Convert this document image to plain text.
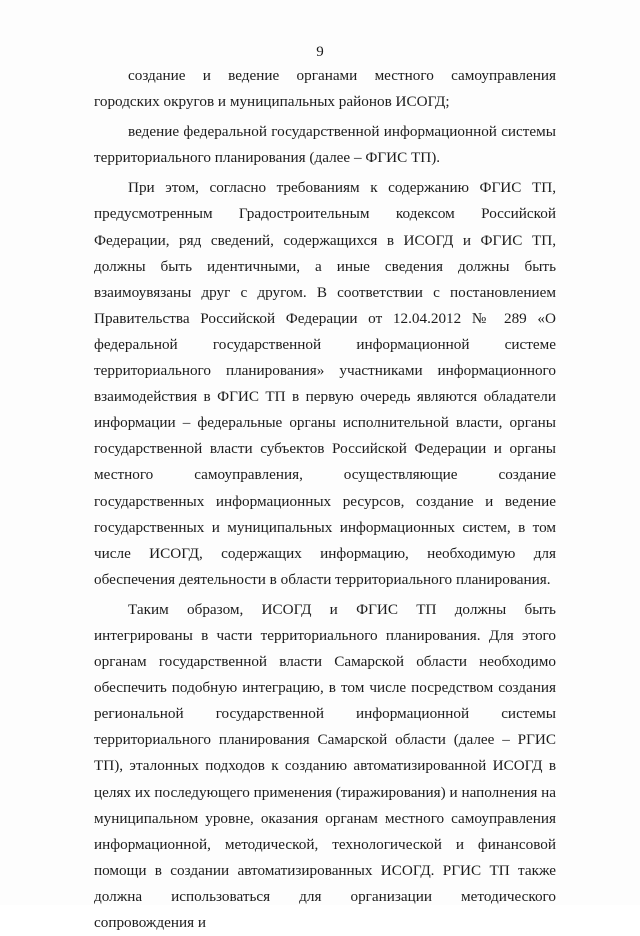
9

создание и ведение органами местного самоуправления городских округов и муниципальных районов ИСОГД;

ведение федеральной государственной информационной системы территориального планирования (далее – ФГИС ТП).

При этом, согласно требованиям к содержанию ФГИС ТП, предусмотренным Градостроительным кодексом Российской Федерации, ряд сведений, содержащихся в ИСОГД и ФГИС ТП, должны быть идентичными, а иные сведения должны быть взаимоувязаны друг с другом. В соответствии с постановлением Правительства Российской Федерации от 12.04.2012 № 289 «О федеральной государственной информационной системе территориального планирования» участниками информационного взаимодействия в ФГИС ТП в первую очередь являются обладатели информации – федеральные органы исполнительной власти, органы государственной власти субъектов Российской Федерации и органы местного самоуправления, осуществляющие создание государственных информационных ресурсов, создание и ведение государственных и муниципальных информационных систем, в том числе ИСОГД, содержащих информацию, необходимую для обеспечения деятельности в области территориального планирования.

Таким образом, ИСОГД и ФГИС ТП должны быть интегрированы в части территориального планирования. Для этого органам государственной власти Самарской области необходимо обеспечить подобную интеграцию, в том числе посредством создания региональной государственной информационной системы территориального планирования Самарской области (далее – РГИС ТП), эталонных подходов к созданию автоматизированной ИСОГД в целях их последующего применения (тиражирования) и наполнения на муниципальном уровне, оказания органам местного самоуправления информационной, методической, технологической и финансовой помощи в создании автоматизированных ИСОГД. РГИС ТП также должна использоваться для организации методического сопровождения и
